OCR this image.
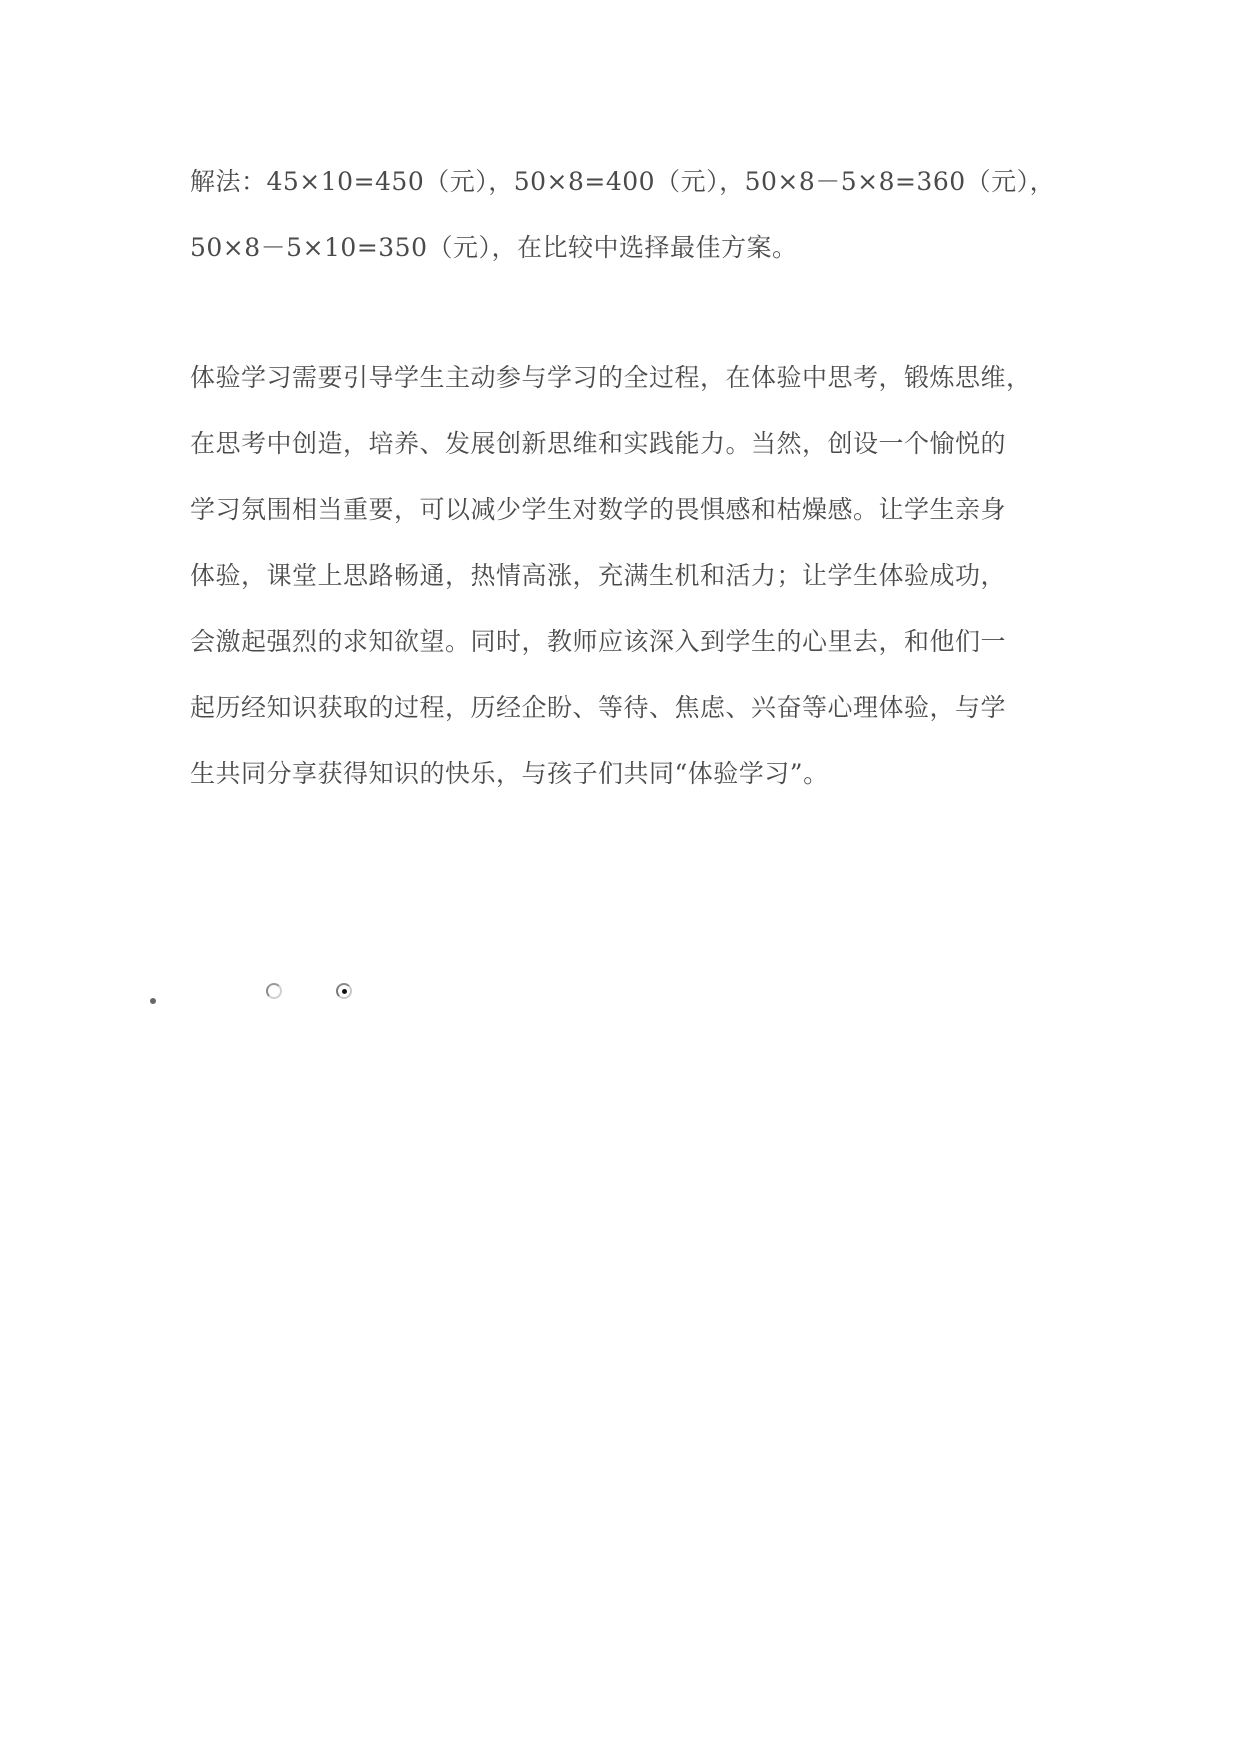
解法：45×10=450（元），50×8=400（元），50×8－5×8=360（元），
50×8－5×10=350（元），在比较中选择最佳方案。
体验学习需要引导学生主动参与学习的全过程，在体验中思考，锻炼思维，
在思考中创造，培养、发展创新思维和实践能力。当然，创设一个愉悦的
学习氛围相当重要，可以减少学生对数学的畏惧感和枯燥感。让学生亲身
体验，课堂上思路畅通，热情高涨，充满生机和活力；让学生体验成功，
会激起强烈的求知欲望。同时，教师应该深入到学生的心里去，和他们一
起历经知识获取的过程，历经企盼、等待、焦虑、兴奋等心理体验，与学
生共同分享获得知识的快乐，与孩子们共同“体验学习”。
